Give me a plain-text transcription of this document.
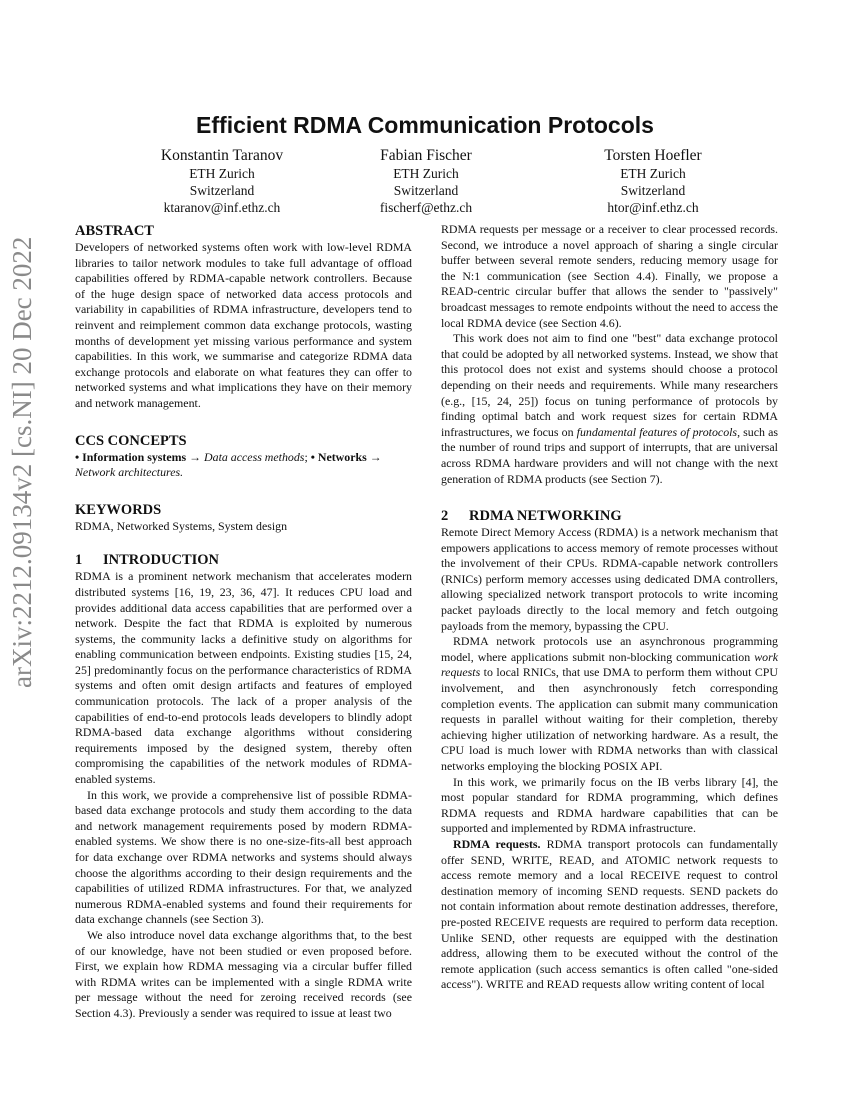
arXiv:2212.09134v2 [cs.NI] 20 Dec 2022
Efficient RDMA Communication Protocols
Konstantin Taranov
ETH Zurich
Switzerland
ktaranov@inf.ethz.ch
Fabian Fischer
ETH Zurich
Switzerland
fischerf@ethz.ch
Torsten Hoefler
ETH Zurich
Switzerland
htor@inf.ethz.ch
ABSTRACT

Developers of networked systems often work with low-level RDMA libraries to tailor network modules to take full advantage of offload capabilities offered by RDMA-capable network controllers. Because of the huge design space of networked data access protocols and variability in capabilities of RDMA infrastructure, developers tend to reinvent and reimplement common data exchange protocols, wasting months of development yet missing various performance and system capabilities. In this work, we summarise and categorize RDMA data exchange protocols and elaborate on what features they can offer to networked systems and what implications they have on their memory and network management.

CCS CONCEPTS

• Information systems → Data access methods; • Networks → Network architectures.

KEYWORDS

RDMA, Networked Systems, System design

1 INTRODUCTION

RDMA is a prominent network mechanism that accelerates modern distributed systems [16, 19, 23, 36, 47]. It reduces CPU load and provides additional data access capabilities that are performed over a network. Despite the fact that RDMA is exploited by numerous systems, the community lacks a definitive study on algorithms for enabling communication between endpoints. Existing studies [15, 24, 25] predominantly focus on the performance characteristics of RDMA systems and often omit design artifacts and features of employed communication protocols. The lack of a proper analysis of the capabilities of end-to-end protocols leads developers to blindly adopt RDMA-based data exchange algorithms without considering requirements imposed by the designed system, thereby often compromising the capabilities of the network modules of RDMA-enabled systems.

In this work, we provide a comprehensive list of possible RDMA-based data exchange protocols and study them according to the data and network management requirements posed by modern RDMA-enabled systems. We show there is no one-size-fits-all best approach for data exchange over RDMA networks and systems should always choose the algorithms according to their design requirements and the capabilities of utilized RDMA infrastructures. For that, we analyzed numerous RDMA-enabled systems and found their requirements for data exchange channels (see Section 3).

We also introduce novel data exchange algorithms that, to the best of our knowledge, have not been studied or even proposed before. First, we explain how RDMA messaging via a circular buffer filled with RDMA writes can be implemented with a single RDMA write per message without the need for zeroing received records (see Section 4.3). Previously a sender was required to issue at least two

RDMA requests per message or a receiver to clear processed records. Second, we introduce a novel approach of sharing a single circular buffer between several remote senders, reducing memory usage for the N:1 communication (see Section 4.4). Finally, we propose a READ-centric circular buffer that allows the sender to "passively" broadcast messages to remote endpoints without the need to access the local RDMA device (see Section 4.6).

This work does not aim to find one "best" data exchange protocol that could be adopted by all networked systems. Instead, we show that this protocol does not exist and systems should choose a protocol depending on their needs and requirements. While many researchers (e.g., [15, 24, 25]) focus on tuning performance of protocols by finding optimal batch and work request sizes for certain RDMA infrastructures, we focus on fundamental features of protocols, such as the number of round trips and support of interrupts, that are universal across RDMA hardware providers and will not change with the next generation of RDMA products (see Section 7).

2 RDMA NETWORKING

Remote Direct Memory Access (RDMA) is a network mechanism that empowers applications to access memory of remote processes without the involvement of their CPUs. RDMA-capable network controllers (RNICs) perform memory accesses using dedicated DMA controllers, allowing specialized network transport protocols to write incoming packet payloads directly to the local memory and fetch outgoing payloads from the memory, bypassing the CPU.

RDMA network protocols use an asynchronous programming model, where applications submit non-blocking communication work requests to local RNICs, that use DMA to perform them without CPU involvement, and then asynchronously fetch corresponding completion events. The application can submit many communication requests in parallel without waiting for their completion, thereby achieving higher utilization of networking hardware. As a result, the CPU load is much lower with RDMA networks than with classical networks employing the blocking POSIX API.

In this work, we primarily focus on the IB verbs library [4], the most popular standard for RDMA programming, which defines RDMA requests and RDMA hardware capabilities that can be supported and implemented by RDMA infrastructure.

RDMA requests. RDMA transport protocols can fundamentally offer SEND, WRITE, READ, and ATOMIC network requests to access remote memory and a local RECEIVE request to control destination memory of incoming SEND requests. SEND packets do not contain information about remote destination addresses, therefore, pre-posted RECEIVE requests are required to perform data reception. Unlike SEND, other requests are equipped with the destination address, allowing them to be executed without the control of the remote application (such access semantics is often called "one-sided access"). WRITE and READ requests allow writing content of local
